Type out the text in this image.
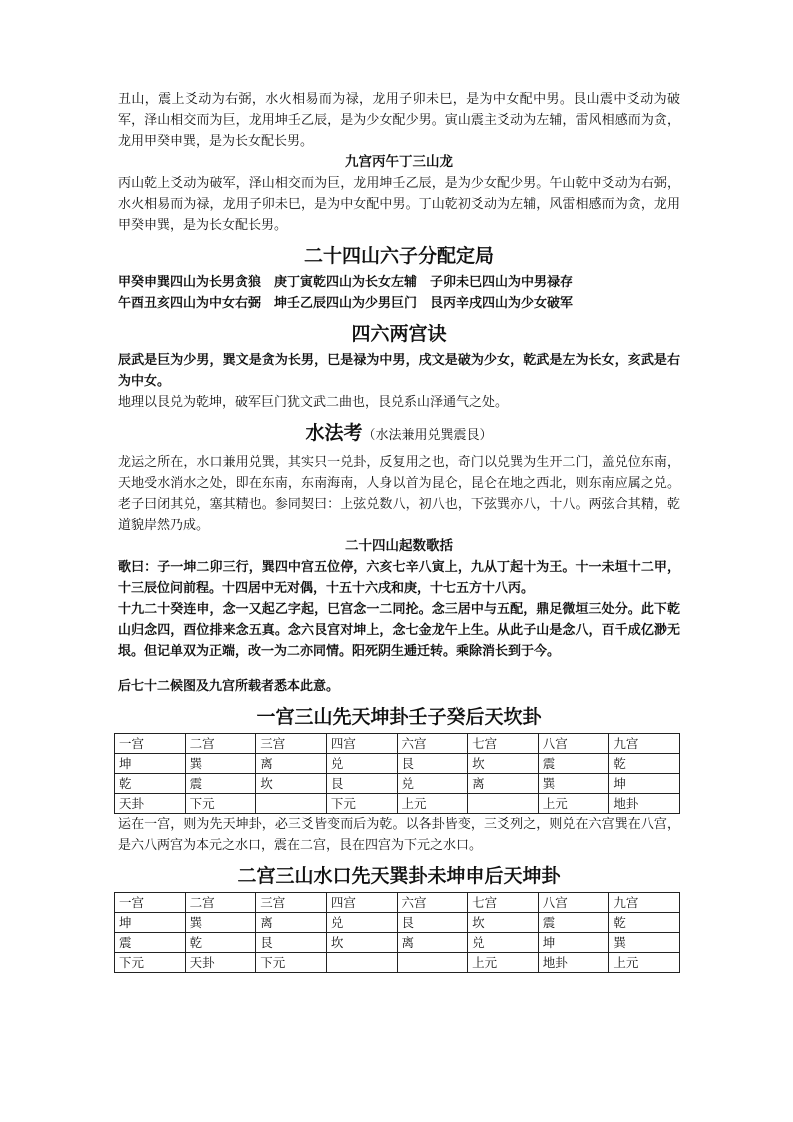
丑山，震上爻动为右弼，水火相易而为禄，龙用子卯未巳，是为中女配中男。艮山震中爻动为破军，泽山相交而为巨，龙用坤壬乙辰，是为少女配少男。寅山震主爻动为左辅，雷风相感而为贪，龙用甲癸申巽，是为长女配长男。

九宫丙午丁三山龙

丙山乾上爻动为破军，泽山相交而为巨，龙用坤壬乙辰，是为少女配少男。午山乾中爻动为右弼，水火相易而为禄，龙用子卯未巳，是为中女配中男。丁山乾初爻动为左辅，风雷相感而为贪，龙用甲癸申巽，是为长女配长男。

二十四山六子分配定局

甲癸申巽四山为长男贪狼　庚丁寅乾四山为长女左辅　子卯未巳四山为中男禄存

午酉丑亥四山为中女右弼　坤壬乙辰四山为少男巨门　艮丙辛戌四山为少女破军

四六两宫诀

辰武是巨为少男，巽文是贪为长男，巳是禄为中男，戌文是破为少女，乾武是左为长女，亥武是右为中女。

地理以艮兑为乾坤，破军巨门犹文武二曲也，艮兑系山泽通气之处。

水法考（水法兼用兑巽震艮）

龙运之所在，水口兼用兑巽，其实只一兑卦，反复用之也，奇门以兑巽为生开二门，盖兑位东南，天地受水消水之处，即在东南，东南海南，人身以首为昆仑，昆仑在地之西北，则东南应属之兑。老子曰闭其兑，塞其精也。参同契曰：上弦兑数八，初八也，下弦巽亦八，十八。两弦合其精，乾道貌岸然乃成。

二十四山起数歌括

歌曰：子一坤二卯三行，巽四中宫五位停，六亥七辛八寅上，九从丁起十为王。十一未垣十二甲，十三辰位问前程。十四居中无对偶，十五十六戌和庚，十七五方十八丙。

十九二十癸连申，念一又起乙字起，巳宫念一二同抡。念三居中与五配，鼎足微垣三处分。此下乾山归念四，酉位排来念五真。念六艮宫对坤上，念七金龙午上生。从此子山是念八，百千成亿渺无垠。但记单双为正端，改一为二亦同情。阳死阴生逓迁转。乘除消长到于今。

后七十二候图及九宫所载者悉本此意。

一宫三山先天坤卦壬子癸后天坎卦

一宫	二宫	三宫	四宫	六宫	七宫	八宫	九宫
坤	巽	离	兑	艮	坎	震	乾
乾	震	坎	艮	兑	离	巽	坤
天卦	下元		下元	上元		上元	地卦

运在一宫，则为先天坤卦，必三爻皆变而后为乾。以各卦皆变，三爻列之，则兑在六宫巽在八宫，是六八两宫为本元之水口，震在二宫，艮在四宫为下元之水口。

二宫三山水口先天巽卦未坤申后天坤卦

一宫	二宫	三宫	四宫	六宫	七宫	八宫	九宫
坤	巽	离	兑	艮	坎	震	乾
震	乾	艮	坎	离	兑	坤	巽
下元	天卦	下元			上元	地卦	上元
